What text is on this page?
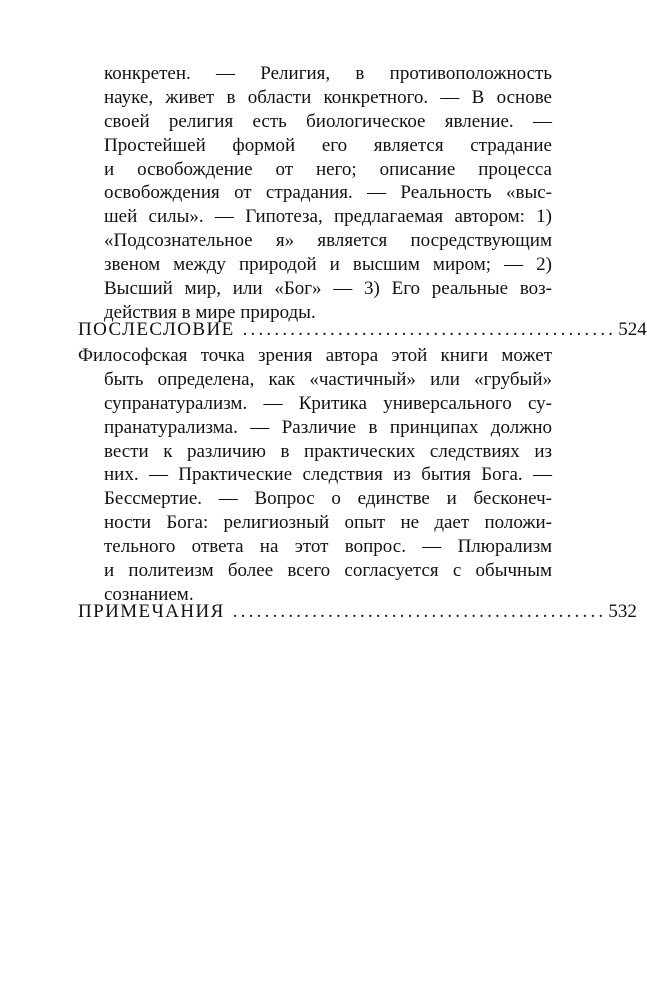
конкретен. — Религия, в противоположность
науке, живет в области конкретного. — В основе
своей религия есть биологическое явление. —
Простейшей формой его является страдание
и освобождение от него; описание процесса
освобождения от страдания. — Реальность «выс-
шей силы». — Гипотеза, предлагаемая автором: 1)
«Подсознательное я» является посредствующим
звеном между природой и высшим миром; — 2)
Высший мир, или «Бог» — 3) Его реальные воз-
действия в мире природы.
ПОСЛЕСЛОВИЕ ............................................... 524
Философская точка зрения автора этой книги может
быть определена, как «частичный» или «грубый»
супранатурализм. — Критика универсального су-
пранатурализма. — Различие в принципах должно
вести к различию в практических следствиях из
них. — Практические следствия из бытия Бога. —
Бессмертие. — Вопрос о единстве и бесконеч-
ности Бога: религиозный опыт не дает положи-
тельного ответа на этот вопрос. — Плюрализм
и политеизм более всего согласуется с обычным
сознанием.
ПРИМЕЧАНИЯ ............................................... 532
